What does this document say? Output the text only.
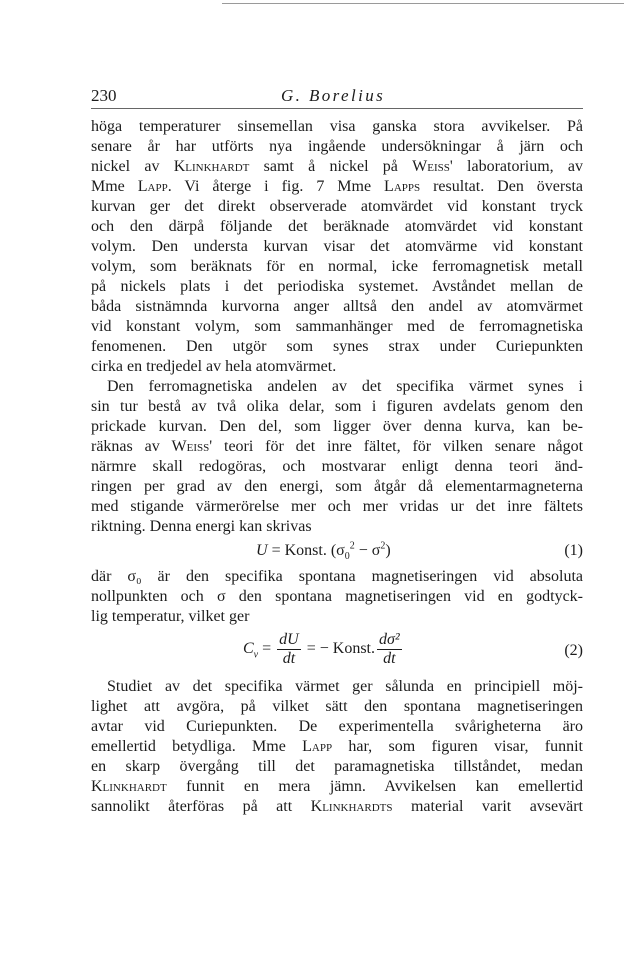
230	G. Borelius
höga temperaturer sinsemellan visa ganska stora avvikelser. På
senare år har utförts nya ingående undersökningar å järn och
nickel av Klinkhardt samt å nickel på Weiss' laboratorium, av
Mme Lapp. Vi återge i fig. 7 Mme Lapps resultat. Den översta
kurvan ger det direkt observerade atomvärdet vid konstant tryck
och den därpå följande det beräknade atomvärdet vid konstant
volym. Den understa kurvan visar det atomvärme vid konstant
volym, som beräknats för en normal, icke ferromagnetisk metall
på nickels plats i det periodiska systemet. Avståndet mellan de
båda sistnämnda kurvorna anger alltså den andel av atomvärmet
vid konstant volym, som sammanhänger med de ferromagnetiska
fenomenen. Den utgör som synes strax under Curiepunkten
cirka en tredjedel av hela atomvärmet.
Den ferromagnetiska andelen av det specifika värmet synes i
sin tur bestå av två olika delar, som i figuren avdelats genom den
prickade kurvan. Den del, som ligger över denna kurva, kan be-
räknas av Weiss' teori för det inre fältet, för vilken senare något
närmre skall redogöras, och mostvarar enligt denna teori änd-
ringen per grad av den energi, som åtgår då elementarmagneterna
med stigande värmerörelse mer och mer vridas ur det inre fältets
riktning. Denna energi kan skrivas
U = Konst. $(\sigma_0^2 - \sigma^2)$	(1)
där σ₀ är den specifika spontana magnetiseringen vid absoluta
nollpunkten och σ den spontana magnetiseringen vid en godtyck-
lig temperatur, vilket ger
$C_v = \frac{dU}{dt}$ = − Konst. $\frac{\text{dσ²}}{dt}$	(2)
Studiet av det specifika värmet ger sålunda en principiell möj-
lighet att avgöra, på vilket sätt den spontana magnetiseringen
avtar vid Curiepunkten. De experimentella svårigheterna äro
emellertid betydliga. Mme Lapp har, som figuren visar, funnit
en skarp övergång till det paramagnetiska tillståndet, medan
Klinkhardt funnit en mera jämn. Avvikelsen kan emellertid
sannolikt återföras på att Klinkhardts material varit avsevärt
